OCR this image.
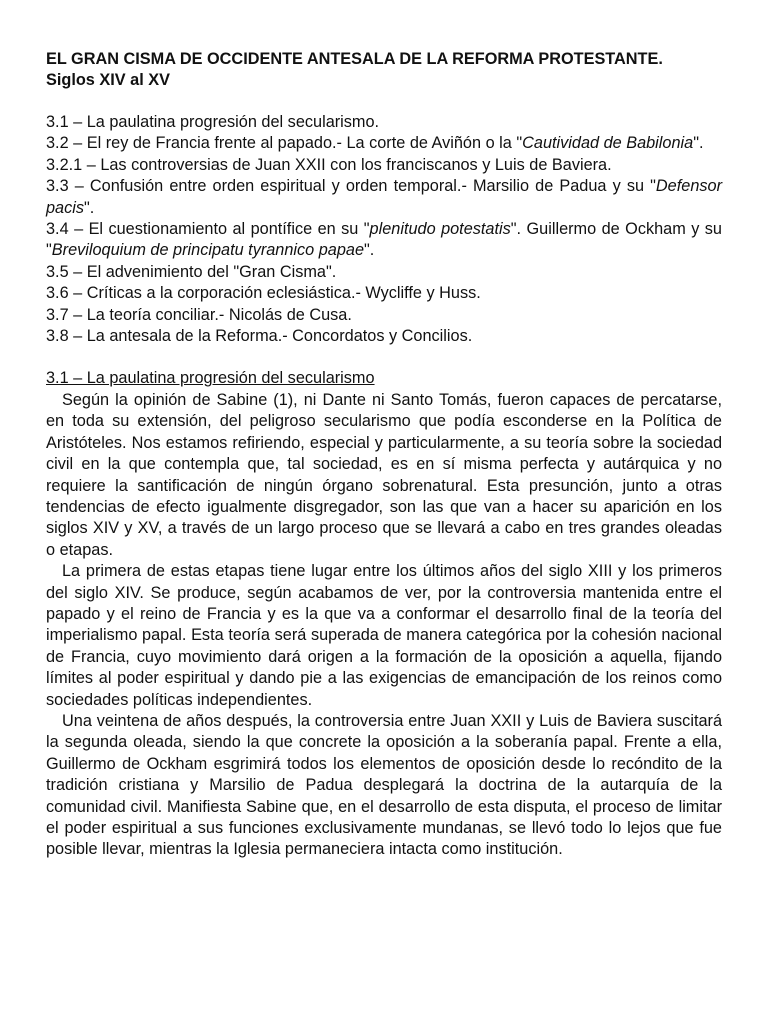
EL GRAN CISMA DE OCCIDENTE ANTESALA DE LA REFORMA PROTESTANTE.
Siglos XIV al XV

3.1 – La paulatina progresión del secularismo.

3.2 – El rey de Francia frente al papado.- La corte de Aviñón o la "Cautividad de Babilonia".

3.2.1 – Las controversias de Juan XXII con los franciscanos y Luis de Baviera.

3.3 – Confusión entre orden espiritual y orden temporal.- Marsilio de Padua y su "Defensor pacis".

3.4 – El cuestionamiento al pontífice en su "plenitudo potestatis". Guillermo de Ockham y su "Breviloquium de principatu tyrannico papae".

3.5 – El advenimiento del "Gran Cisma".

3.6 – Críticas a la corporación eclesiástica.- Wycliffe y Huss.

3.7 – La teoría conciliar.- Nicolás de Cusa.

3.8 – La antesala de la Reforma.- Concordatos y Concilios.

3.1 – La paulatina progresión del secularismo

Según la opinión de Sabine (1), ni Dante ni Santo Tomás, fueron capaces de percatarse, en toda su extensión, del peligroso secularismo que podía esconderse en la Política de Aristóteles. Nos estamos refiriendo, especial y particularmente, a su teoría sobre la sociedad civil en la que contempla que, tal sociedad, es en sí misma perfecta y autárquica y no requiere la santificación de ningún órgano sobrenatural. Esta presunción, junto a otras tendencias de efecto igualmente disgregador, son las que van a hacer su aparición en los siglos XIV y XV, a través de un largo proceso que se llevará a cabo en tres grandes oleadas o etapas.

La primera de estas etapas tiene lugar entre los últimos años del siglo XIII y los primeros del siglo XIV. Se produce, según acabamos de ver, por la controversia mantenida entre el papado y el reino de Francia y es la que va a conformar el desarrollo final de la teoría del imperialismo papal. Esta teoría será superada de manera categórica por la cohesión nacional de Francia, cuyo movimiento dará origen a la formación de la oposición a aquella, fijando límites al poder espiritual y dando pie a las exigencias de emancipación de los reinos como sociedades políticas independientes.

Una veintena de años después, la controversia entre Juan XXII y Luis de Baviera suscitará la segunda oleada, siendo la que concrete la oposición a la soberanía papal. Frente a ella, Guillermo de Ockham esgrimirá todos los elementos de oposición desde lo recóndito de la tradición cristiana y Marsilio de Padua desplegará la doctrina de la autarquía de la comunidad civil. Manifiesta Sabine que, en el desarrollo de esta disputa, el proceso de limitar el poder espiritual a sus funciones exclusivamente mundanas, se llevó todo lo lejos que fue posible llevar, mientras la Iglesia permaneciera intacta como institución.
